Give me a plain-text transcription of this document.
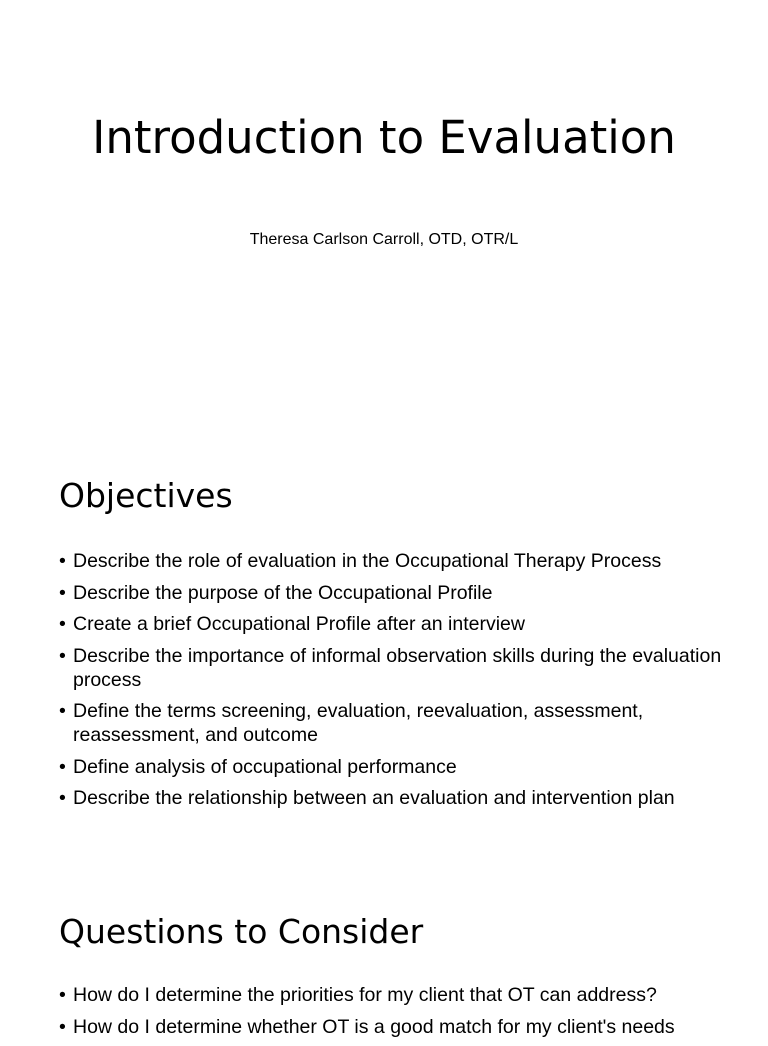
Introduction to Evaluation
Theresa Carlson Carroll, OTD, OTR/L
Objectives
• Describe the role of evaluation in the Occupational Therapy Process
• Describe the purpose of the Occupational Profile
• Create a brief Occupational Profile after an interview
• Describe the importance of informal observation skills during the evaluation process
• Define the terms screening, evaluation, reevaluation, assessment, reassessment, and outcome
• Define analysis of occupational performance
• Describe the relationship between an evaluation and intervention plan
Questions to Consider
• How do I determine the priorities for my client that OT can address?
• How do I determine whether OT is a good match for my client's needs
